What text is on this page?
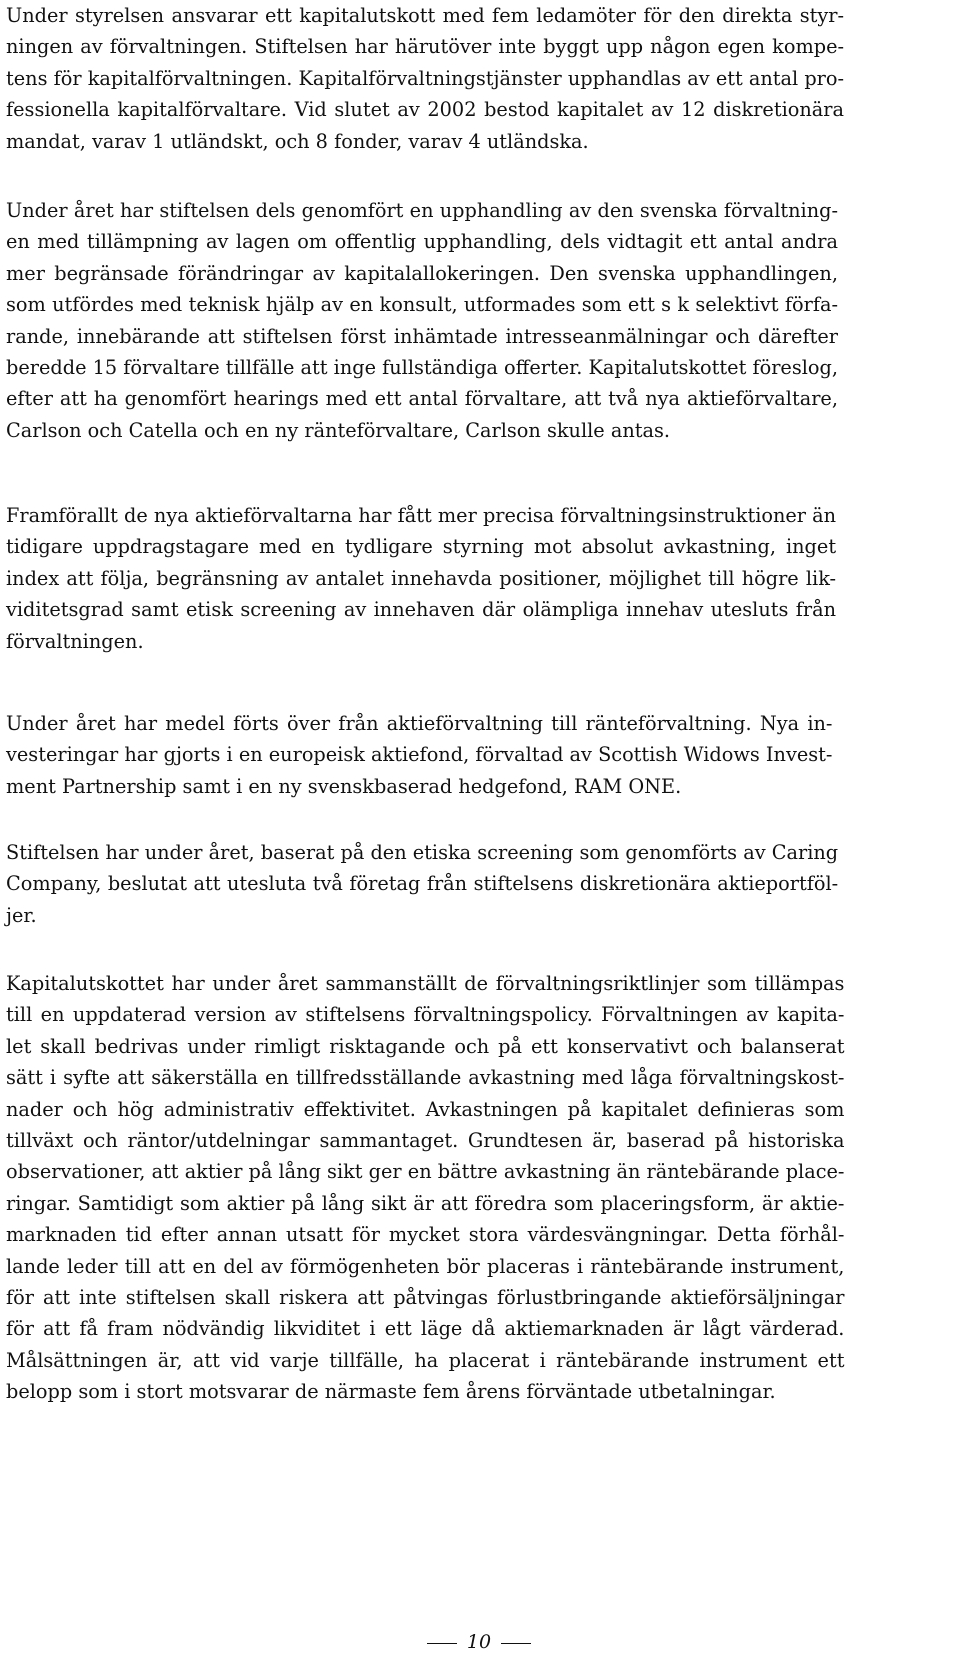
Under styrelsen ansvarar ett kapitalutskott med fem ledamöter för den direkta styr-
ningen av förvaltningen. Stiftelsen har härutöver inte byggt upp någon egen kompe-
tens för kapitalförvaltningen. Kapitalförvaltningstjänster upphandlas av ett antal pro-
fessionella kapitalförvaltare. Vid slutet av 2002 bestod kapitalet av 12 diskretionära
mandat, varav 1 utländskt, och 8 fonder, varav 4 utländska.
Under året har stiftelsen dels genomfört en upphandling av den svenska förvaltning-
en med tillämpning av lagen om offentlig upphandling, dels vidtagit ett antal andra
mer begränsade förändringar av kapitalallokeringen. Den svenska upphandlingen,
som utfördes med teknisk hjälp av en konsult, utformades som ett s k selektivt förfa-
rande, innebärande att stiftelsen först inhämtade intresseanmälningar och därefter
beredde 15 förvaltare tillfälle att inge fullständiga offerter. Kapitalutskottet föreslog,
efter att ha genomfört hearings med ett antal förvaltare, att två nya aktieförvaltare,
Carlson och Catella och en ny ränteförvaltare, Carlson skulle antas.
Framförallt de nya aktieförvaltarna har fått mer precisa förvaltningsinstruktioner än
tidigare uppdragstagare med en tydligare styrning mot absolut avkastning, inget
index att följa, begränsning av antalet innehavda positioner, möjlighet till högre lik-
viditetsgrad samt etisk screening av innehaven där olämpliga innehav utesluts från
förvaltningen.
Under året har medel förts över från aktieförvaltning till ränteförvaltning. Nya in-
vesteringar har gjorts i en europeisk aktiefond, förvaltad av Scottish Widows Invest-
ment Partnership samt i en ny svenskbaserad hedgefond, RAM ONE.
Stiftelsen har under året, baserat på den etiska screening som genomförts av Caring
Company, beslutat att utesluta två företag från stiftelsens diskretionära aktieportföl-
jer.
Kapitalutskottet har under året sammanställt de förvaltningsriktlinjer som tillämpas
till en uppdaterad version av stiftelsens förvaltningspolicy. Förvaltningen av kapita-
let skall bedrivas under rimligt risktagande och på ett konservativt och balanserat
sätt i syfte att säkerställa en tillfredsställande avkastning med låga förvaltningskost-
nader och hög administrativ effektivitet. Avkastningen på kapitalet definieras som
tillväxt och räntor/utdelningar sammantaget. Grundtesen är, baserad på historiska
observationer, att aktier på lång sikt ger en bättre avkastning än räntebärande place-
ringar. Samtidigt som aktier på lång sikt är att föredra som placeringsform, är aktie-
marknaden tid efter annan utsatt för mycket stora värdesvängningar. Detta förhål-
lande leder till att en del av förmögenheten bör placeras i räntebärande instrument,
för att inte stiftelsen skall riskera att påtvingas förlustbringande aktieförsäljningar
för att få fram nödvändig likviditet i ett läge då aktiemarknaden är lågt värderad.
Målsättningen är, att vid varje tillfälle, ha placerat i räntebärande instrument ett
belopp som i stort motsvarar de närmaste fem årens förväntade utbetalningar.
10
